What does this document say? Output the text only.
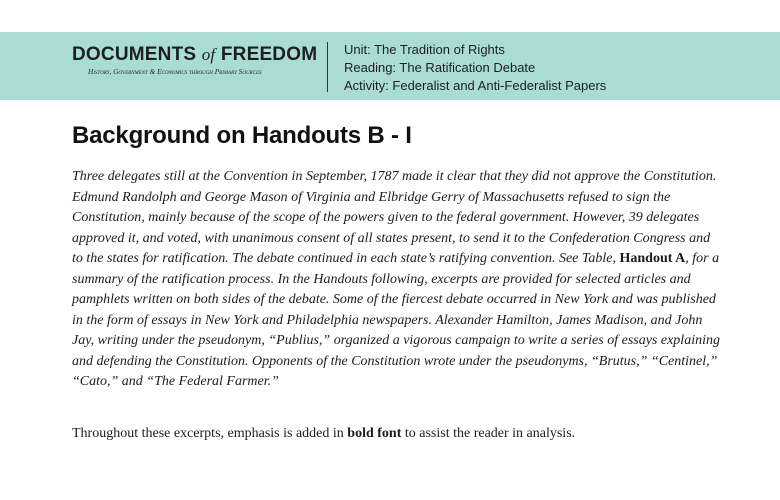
DOCUMENTS of FREEDOM
History, Government & Economics through Primary Sources
Unit: The Tradition of Rights
Reading: The Ratification Debate
Activity: Federalist and Anti-Federalist Papers
Background on Handouts B - I

Three delegates still at the Convention in September, 1787 made it clear that they did not approve the Constitution. Edmund Randolph and George Mason of Virginia and Elbridge Gerry of Massachusetts refused to sign the Constitution, mainly because of the scope of the powers given to the federal government. However, 39 delegates approved it, and voted, with unanimous consent of all states present, to send it to the Confederation Congress and to the states for ratification. The debate continued in each state’s ratifying convention. See Table, Handout A, for a summary of the ratification process. In the Handouts following, excerpts are provided for selected articles and pamphlets written on both sides of the debate. Some of the fiercest debate occurred in New York and was published in the form of essays in New York and Philadelphia newspapers. Alexander Hamilton, James Madison, and John Jay, writing under the pseudonym, “Publius,” organized a vigorous campaign to write a series of essays explaining and defending the Constitution. Opponents of the Constitution wrote under the pseudonyms, “Brutus,” “Centinel,” “Cato,” and “The Federal Farmer.”

Throughout these excerpts, emphasis is added in bold font to assist the reader in analysis.
